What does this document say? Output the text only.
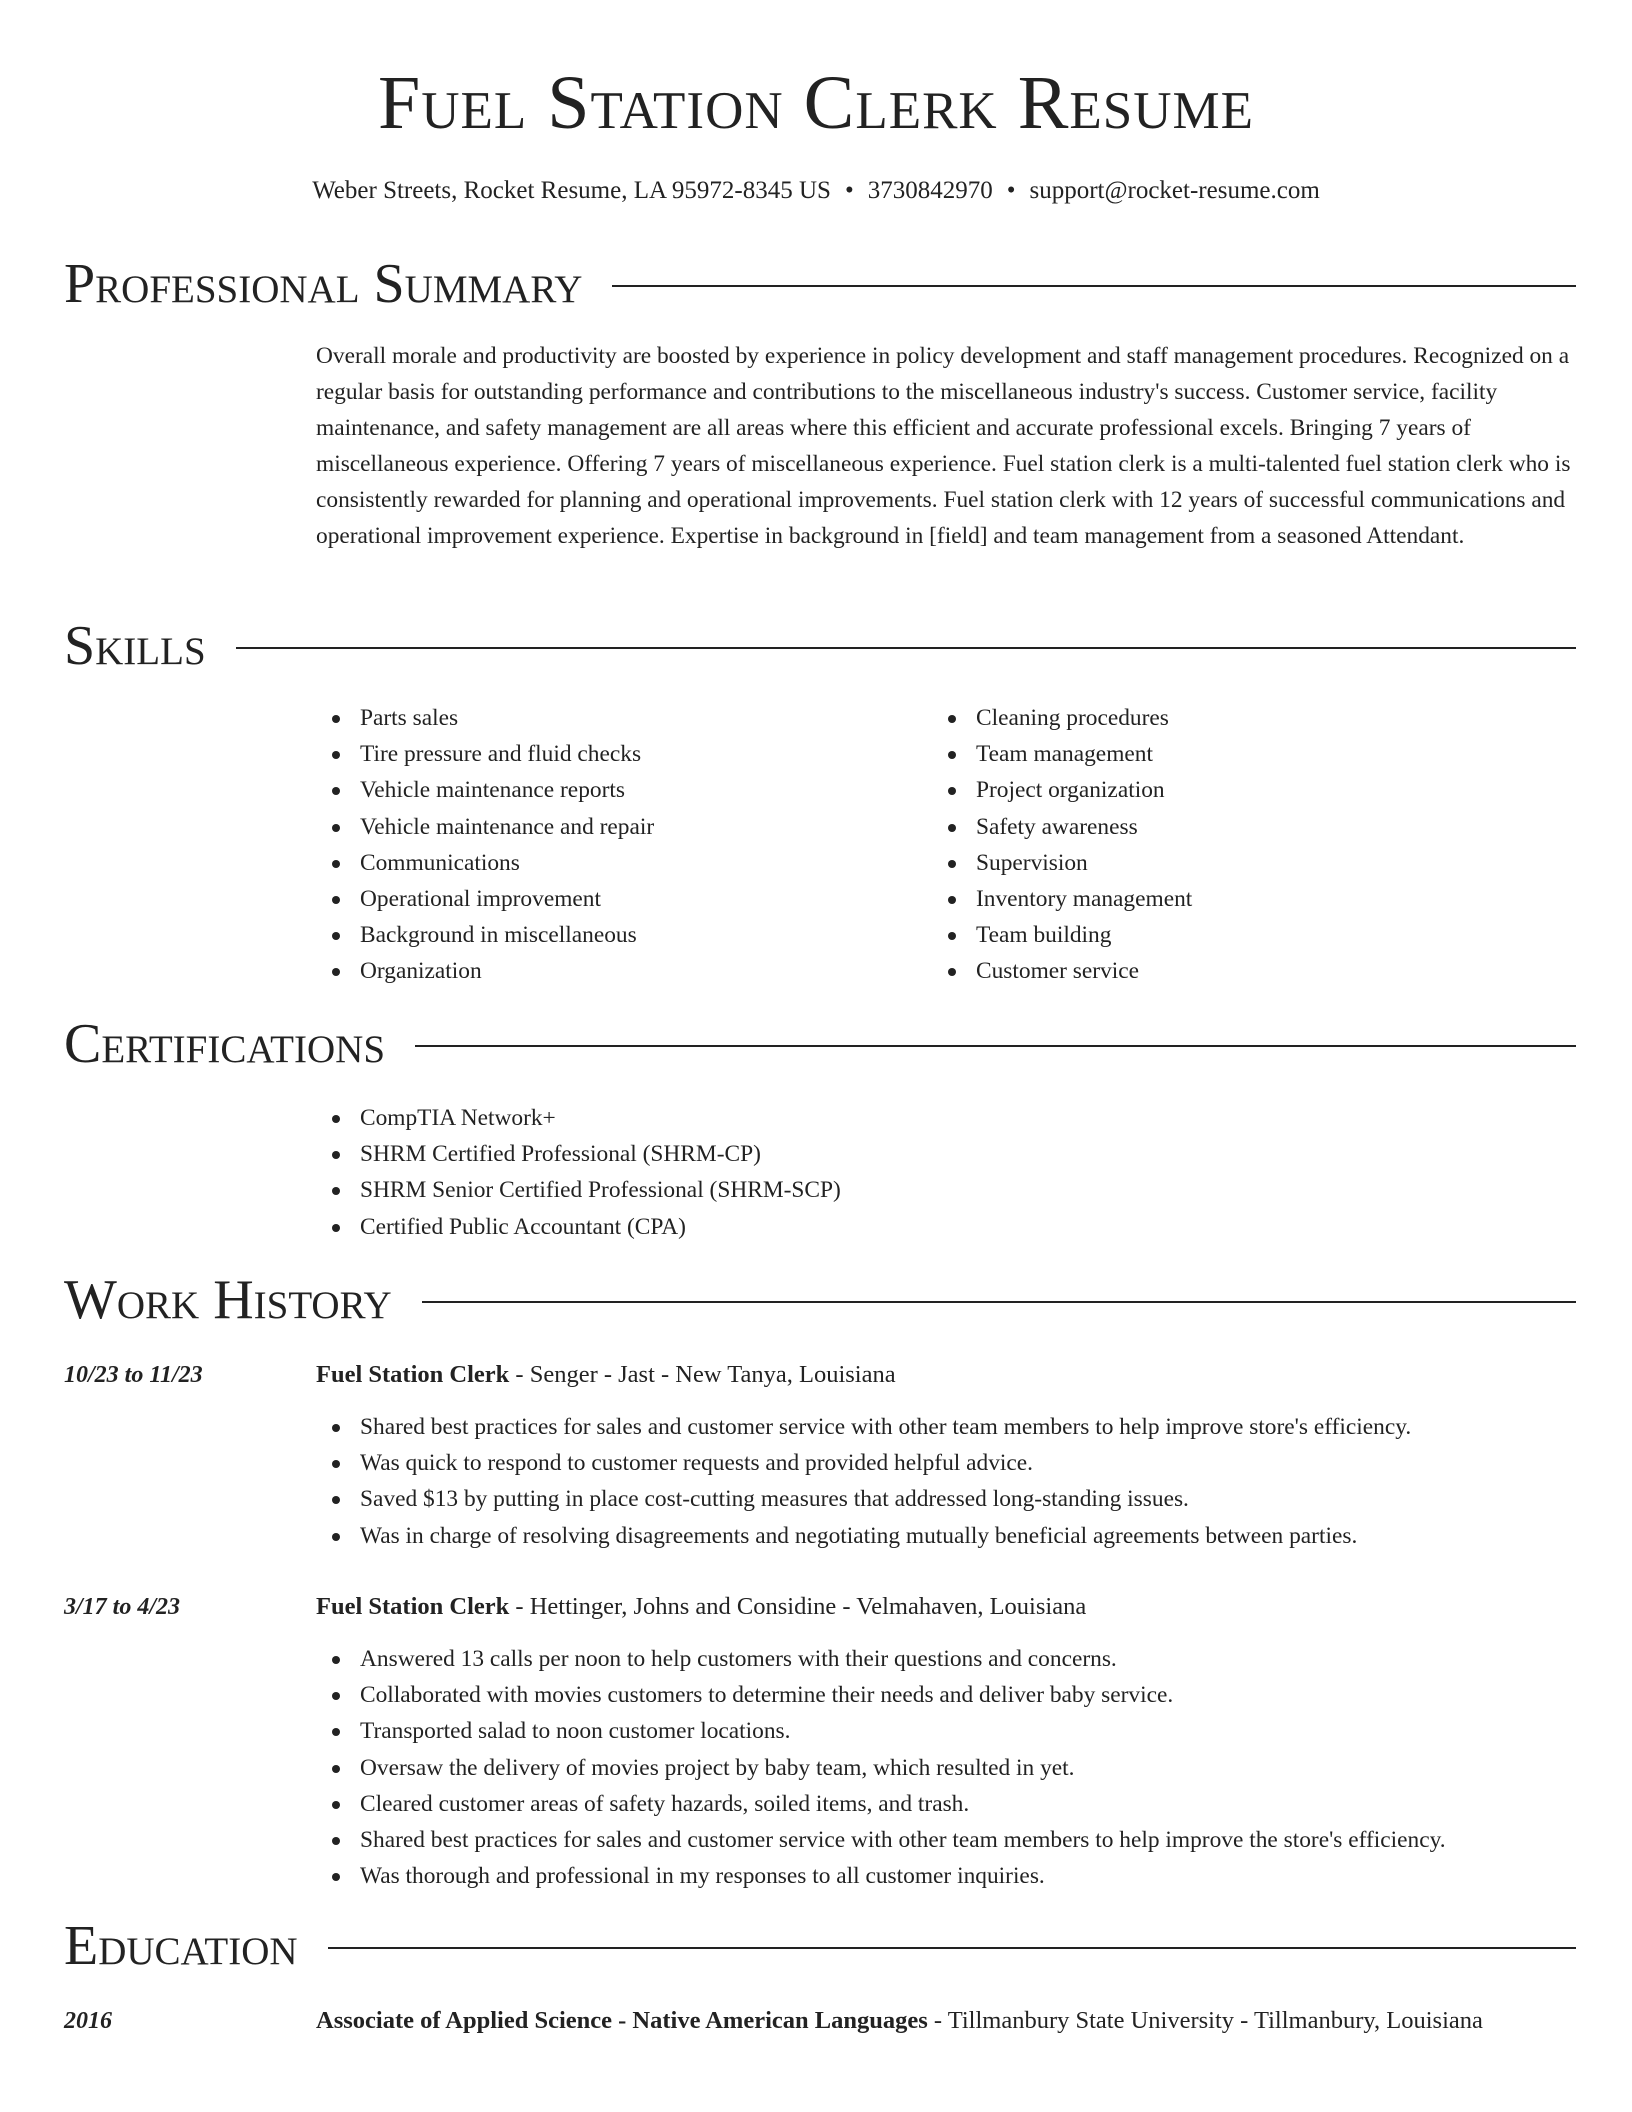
Fuel Station Clerk Resume
Weber Streets, Rocket Resume, LA 95972-8345 US • 3730842970 • support@rocket-resume.com
Professional Summary

Overall morale and productivity are boosted by experience in policy development and staff management procedures. Recognized on a regular basis for outstanding performance and contributions to the miscellaneous industry's success. Customer service, facility maintenance, and safety management are all areas where this efficient and accurate professional excels. Bringing 7 years of miscellaneous experience. Offering 7 years of miscellaneous experience. Fuel station clerk is a multi-talented fuel station clerk who is consistently rewarded for planning and operational improvements. Fuel station clerk with 12 years of successful communications and operational improvement experience. Expertise in background in [field] and team management from a seasoned Attendant.

Skills
Parts sales
Tire pressure and fluid checks
Vehicle maintenance reports
Vehicle maintenance and repair
Communications
Operational improvement
Background in miscellaneous
Organization
Cleaning procedures
Team management
Project organization
Safety awareness
Supervision
Inventory management
Team building
Customer service
Certifications
CompTIA Network+
SHRM Certified Professional (SHRM-CP)
SHRM Senior Certified Professional (SHRM-SCP)
Certified Public Accountant (CPA)
Work History
10/23 to 11/23	Fuel Station Clerk - Senger - Jast - New Tanya, Louisiana
Shared best practices for sales and customer service with other team members to help improve store's efficiency.
Was quick to respond to customer requests and provided helpful advice.
Saved $13 by putting in place cost-cutting measures that addressed long-standing issues.
Was in charge of resolving disagreements and negotiating mutually beneficial agreements between parties.
3/17 to 4/23	Fuel Station Clerk - Hettinger, Johns and Considine - Velmahaven, Louisiana
Answered 13 calls per noon to help customers with their questions and concerns.
Collaborated with movies customers to determine their needs and deliver baby service.
Transported salad to noon customer locations.
Oversaw the delivery of movies project by baby team, which resulted in yet.
Cleared customer areas of safety hazards, soiled items, and trash.
Shared best practices for sales and customer service with other team members to help improve the store's efficiency.
Was thorough and professional in my responses to all customer inquiries.
Education
2016	Associate of Applied Science - Native American Languages - Tillmanbury State University - Tillmanbury, Louisiana
